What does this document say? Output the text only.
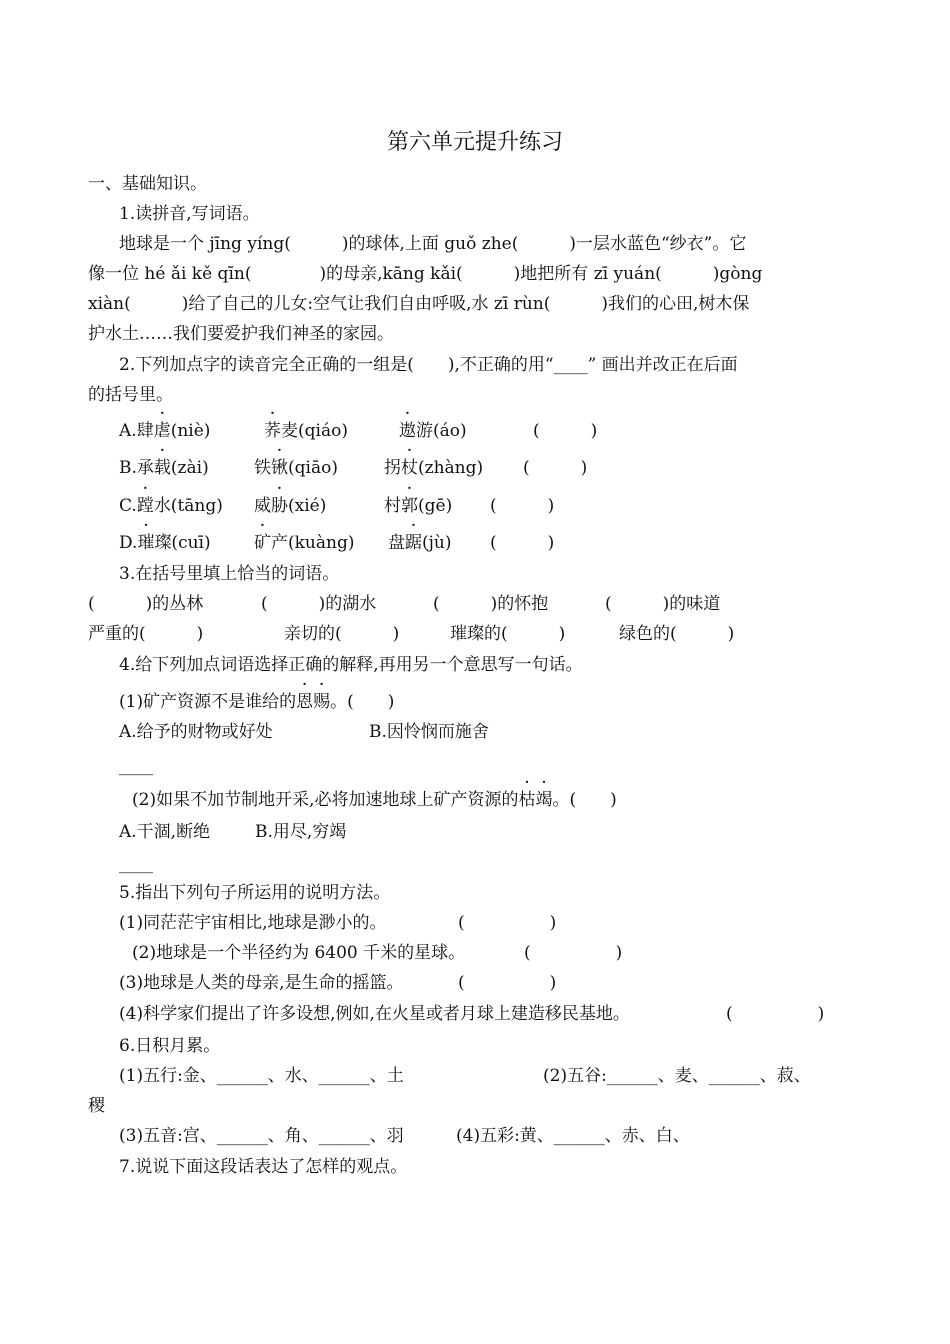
第六单元提升练习
一、基础知识。
1.读拼音,写词语。
地球是一个 jīng yíng(　　　)的球体,上面 guǒ zhe(　　　)一层水蓝色“纱衣”。它
像一位 hé ǎi kě qīn(　　　　)的母亲,kāng kǎi(　　　)地把所有 zī yuán(　　　)gòng
xiàn(　　　)给了自己的儿女:空气让我们自由呼吸,水 zī rùn(　　　)我们的心田,树木保
护水土……我们要爱护我们神圣的家园。
2.下列加点字的读音完全正确的一组是(　　),不正确的用“____” 画出并改正在后面
的括号里。
A.肆虐(niè)	荞麦(qiáo)	遨游(áo)	(　　　)
B.承载(zài)	铁锹(qiāo)	拐杖(zhàng) (　　　)
C.蹚水(tāng) 威胁(xié)	村郭(gē) (　　　)
D.璀璨(cuī)	矿产(kuàng) 盘踞(jù) (　　　)
3.在括号里填上恰当的词语。
(　　　)的丛林	(　　　)的湖水	(　　　)的怀抱	(　　　)的味道
严重的(　　　)	亲切的(　　　)	璀璨的(　　　)	绿色的(　　　)
4.给下列加点词语选择正确的解释,再用另一个意思写一句话。
(1)矿产资源不是谁给的恩赐。(　　)
A.给予的财物或好处	B.因怜悯而施舍
____
(2)如果不加节制地开采,必将加速地球上矿产资源的枯竭。(　　)
A.干涸,断绝	B.用尽,穷竭
____
5.指出下列句子所运用的说明方法。
(1)同茫茫宇宙相比,地球是渺小的。	(　　　　　)
(2)地球是一个半径约为 6400 千米的星球。	(　　　　　)
(3)地球是人类的母亲,是生命的摇篮。	(　　　　　)
(4)科学家们提出了许多设想,例如,在火星或者月球上建造移民基地。	(　　　　　)
6.日积月累。
(1)五行:金、______、水、______、土	(2)五谷:______、麦、______、菽、
稷
(3)五音:宫、______、角、______、羽	(4)五彩:黄、______、赤、白、
7.说说下面这段话表达了怎样的观点。
